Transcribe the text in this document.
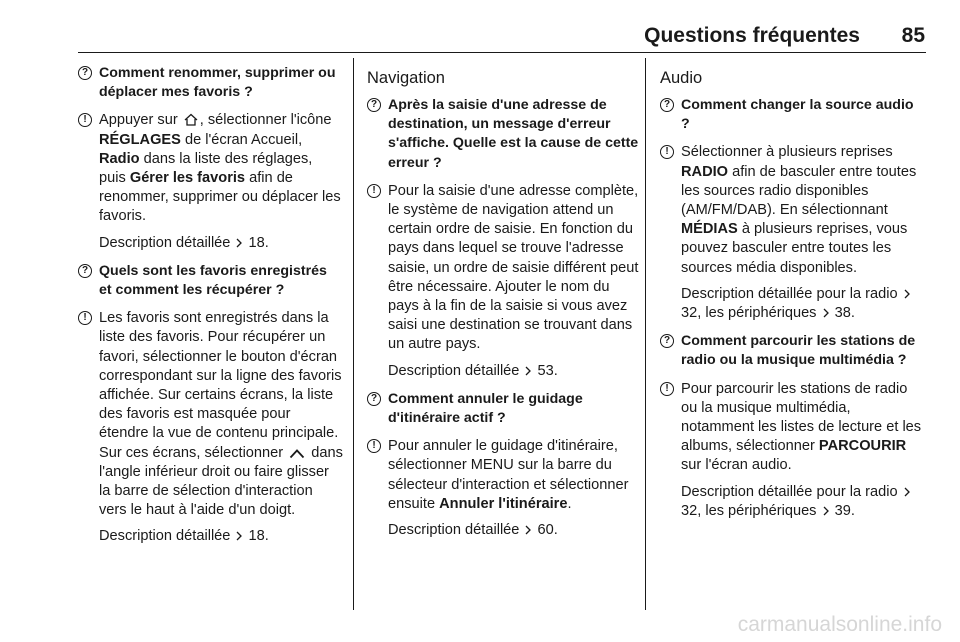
Questions fréquentes	85
? Comment renommer, supprimer ou déplacer mes favoris ?
! Appuyer sur , sélectionner l'icône RÉGLAGES de l'écran Accueil, Radio dans la liste des réglages, puis Gérer les favoris afin de renommer, supprimer ou déplacer les favoris.
Description détaillée 18.
? Quels sont les favoris enregistrés et comment les récupérer ?
! Les favoris sont enregistrés dans la liste des favoris. Pour récupérer un favori, sélectionner le bouton d'écran correspondant sur la ligne des favoris affichée. Sur certains écrans, la liste des favoris est masquée pour étendre la vue de contenu principale. Sur ces écrans, sélectionner dans l'angle inférieur droit ou faire glisser la barre de sélection d'interaction vers le haut à l'aide d'un doigt.
Description détaillée 18.
Navigation
? Après la saisie d'une adresse de destination, un message d'erreur s'affiche. Quelle est la cause de cette erreur ?
! Pour la saisie d'une adresse complète, le système de navigation attend un certain ordre de saisie. En fonction du pays dans lequel se trouve l'adresse saisie, un ordre de saisie différent peut être nécessaire. Ajouter le nom du pays à la fin de la saisie si vous avez saisi une destination se trouvant dans un autre pays.
Description détaillée 53.
? Comment annuler le guidage d'itinéraire actif ?
! Pour annuler le guidage d'itinéraire, sélectionner MENU sur la barre du sélecteur d'interaction et sélectionner ensuite Annuler l'itinéraire.
Description détaillée 60.
Audio
? Comment changer la source audio ?
! Sélectionner à plusieurs reprises RADIO afin de basculer entre toutes les sources radio disponibles (AM/FM/DAB). En sélectionnant MÉDIAS à plusieurs reprises, vous pouvez basculer entre toutes les sources média disponibles.
Description détaillée pour la radio
32, les périphériques 38.
? Comment parcourir les stations de radio ou la musique multimédia ?
! Pour parcourir les stations de radio ou la musique multimédia, notamment les listes de lecture et les albums, sélectionner PARCOURIR sur l'écran audio.
Description détaillée pour la radio
32, les périphériques 39.
carmanualsonline.info
